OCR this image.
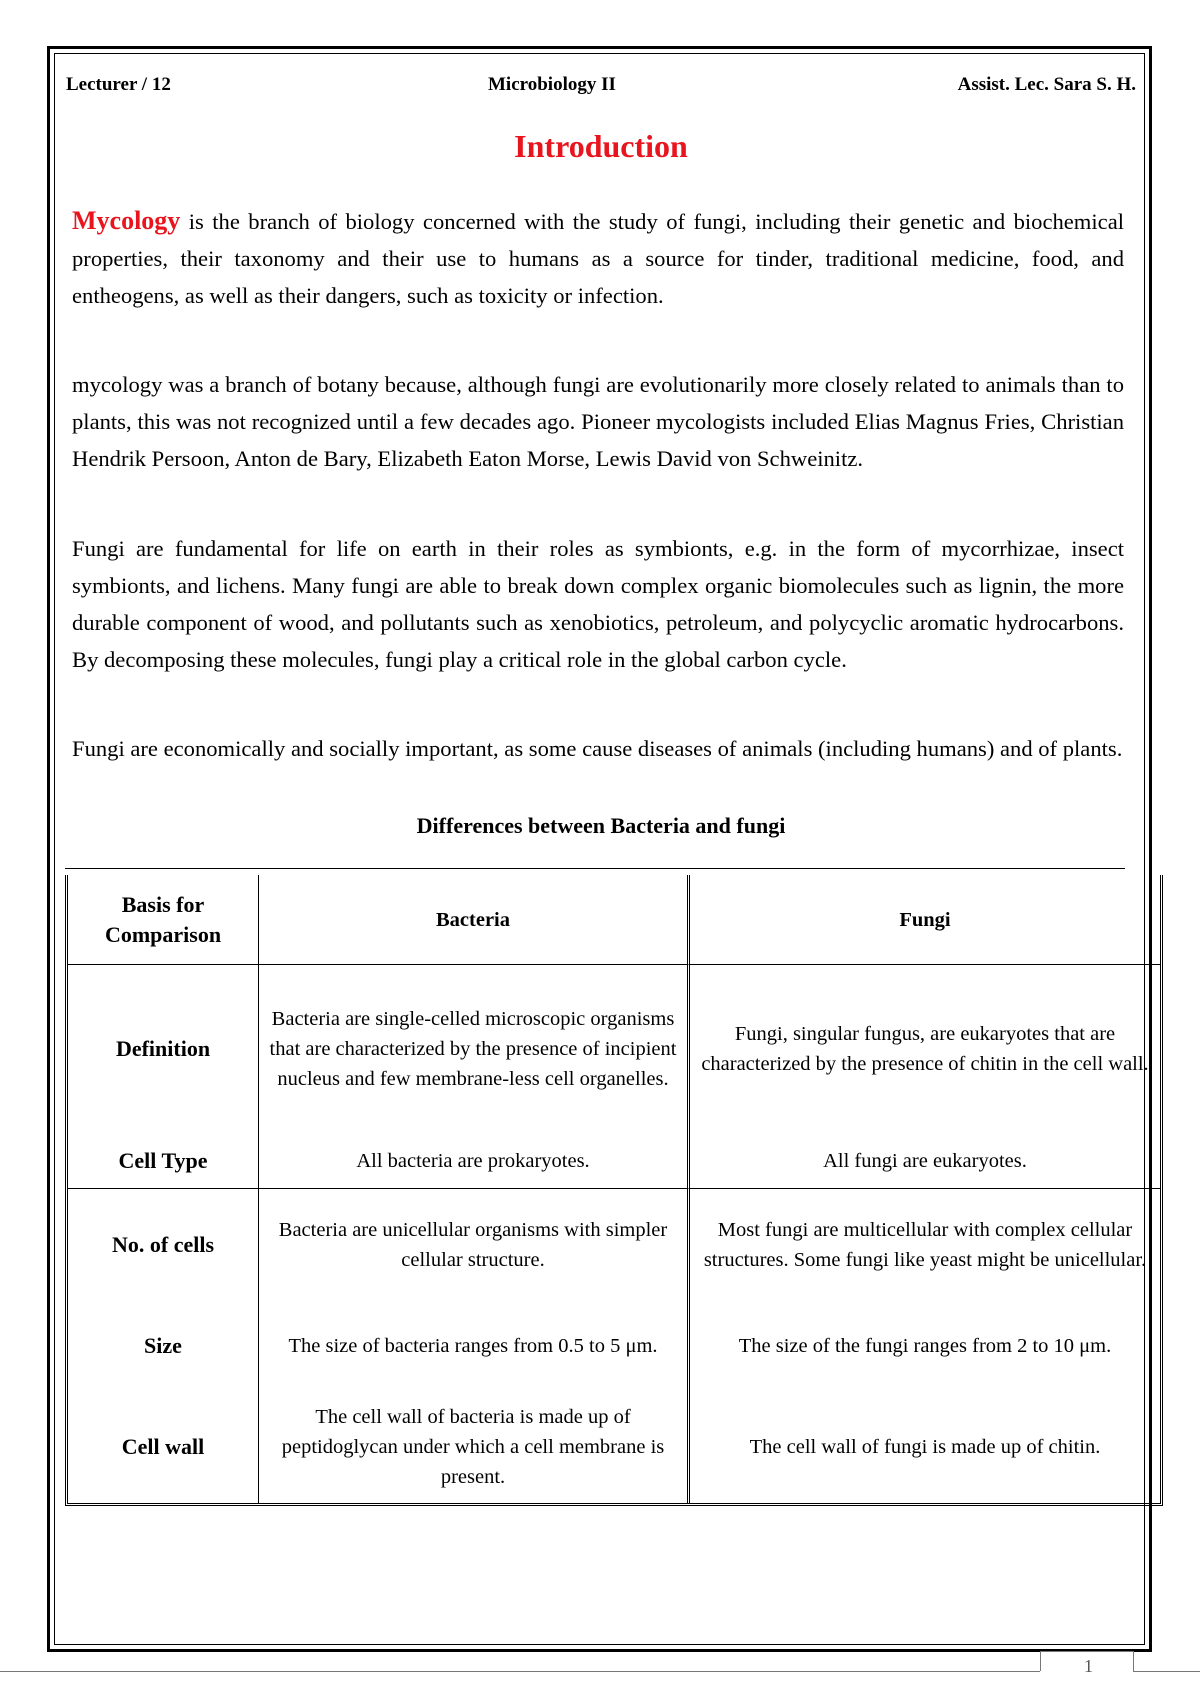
Lecturer / 12	Microbiology II	Assist. Lec. Sara S. H.
Introduction
Mycology is the branch of biology concerned with the study of fungi, including their genetic and biochemical properties, their taxonomy and their use to humans as a source for tinder, traditional medicine, food, and entheogens, as well as their dangers, such as toxicity or infection.
mycology was a branch of botany because, although fungi are evolutionarily more closely related to animals than to plants, this was not recognized until a few decades ago. Pioneer mycologists included Elias Magnus Fries, Christian Hendrik Persoon, Anton de Bary, Elizabeth Eaton Morse, Lewis David von Schweinitz.
Fungi are fundamental for life on earth in their roles as symbionts, e.g. in the form of mycorrhizae, insect symbionts, and lichens. Many fungi are able to break down complex organic biomolecules such as lignin, the more durable component of wood, and pollutants such as xenobiotics, petroleum, and polycyclic aromatic hydrocarbons. By decomposing these molecules, fungi play a critical role in the global carbon cycle.
Fungi are economically and socially important, as some cause diseases of animals (including humans) and of plants.
Differences between Bacteria and fungi
Basis for Comparison	Bacteria	Fungi
Definition	Bacteria are single-celled microscopic organisms that are characterized by the presence of incipient nucleus and few membrane-less cell organelles.	Fungi, singular fungus, are eukaryotes that are characterized by the presence of chitin in the cell wall.
Cell Type	All bacteria are prokaryotes.	All fungi are eukaryotes.
No. of cells	Bacteria are unicellular organisms with simpler cellular structure.	Most fungi are multicellular with complex cellular structures. Some fungi like yeast might be unicellular.
Size	The size of bacteria ranges from 0.5 to 5 μm.	The size of the fungi ranges from 2 to 10 μm.
Cell wall	The cell wall of bacteria is made up of peptidoglycan under which a cell membrane is present.	The cell wall of fungi is made up of chitin.
1
